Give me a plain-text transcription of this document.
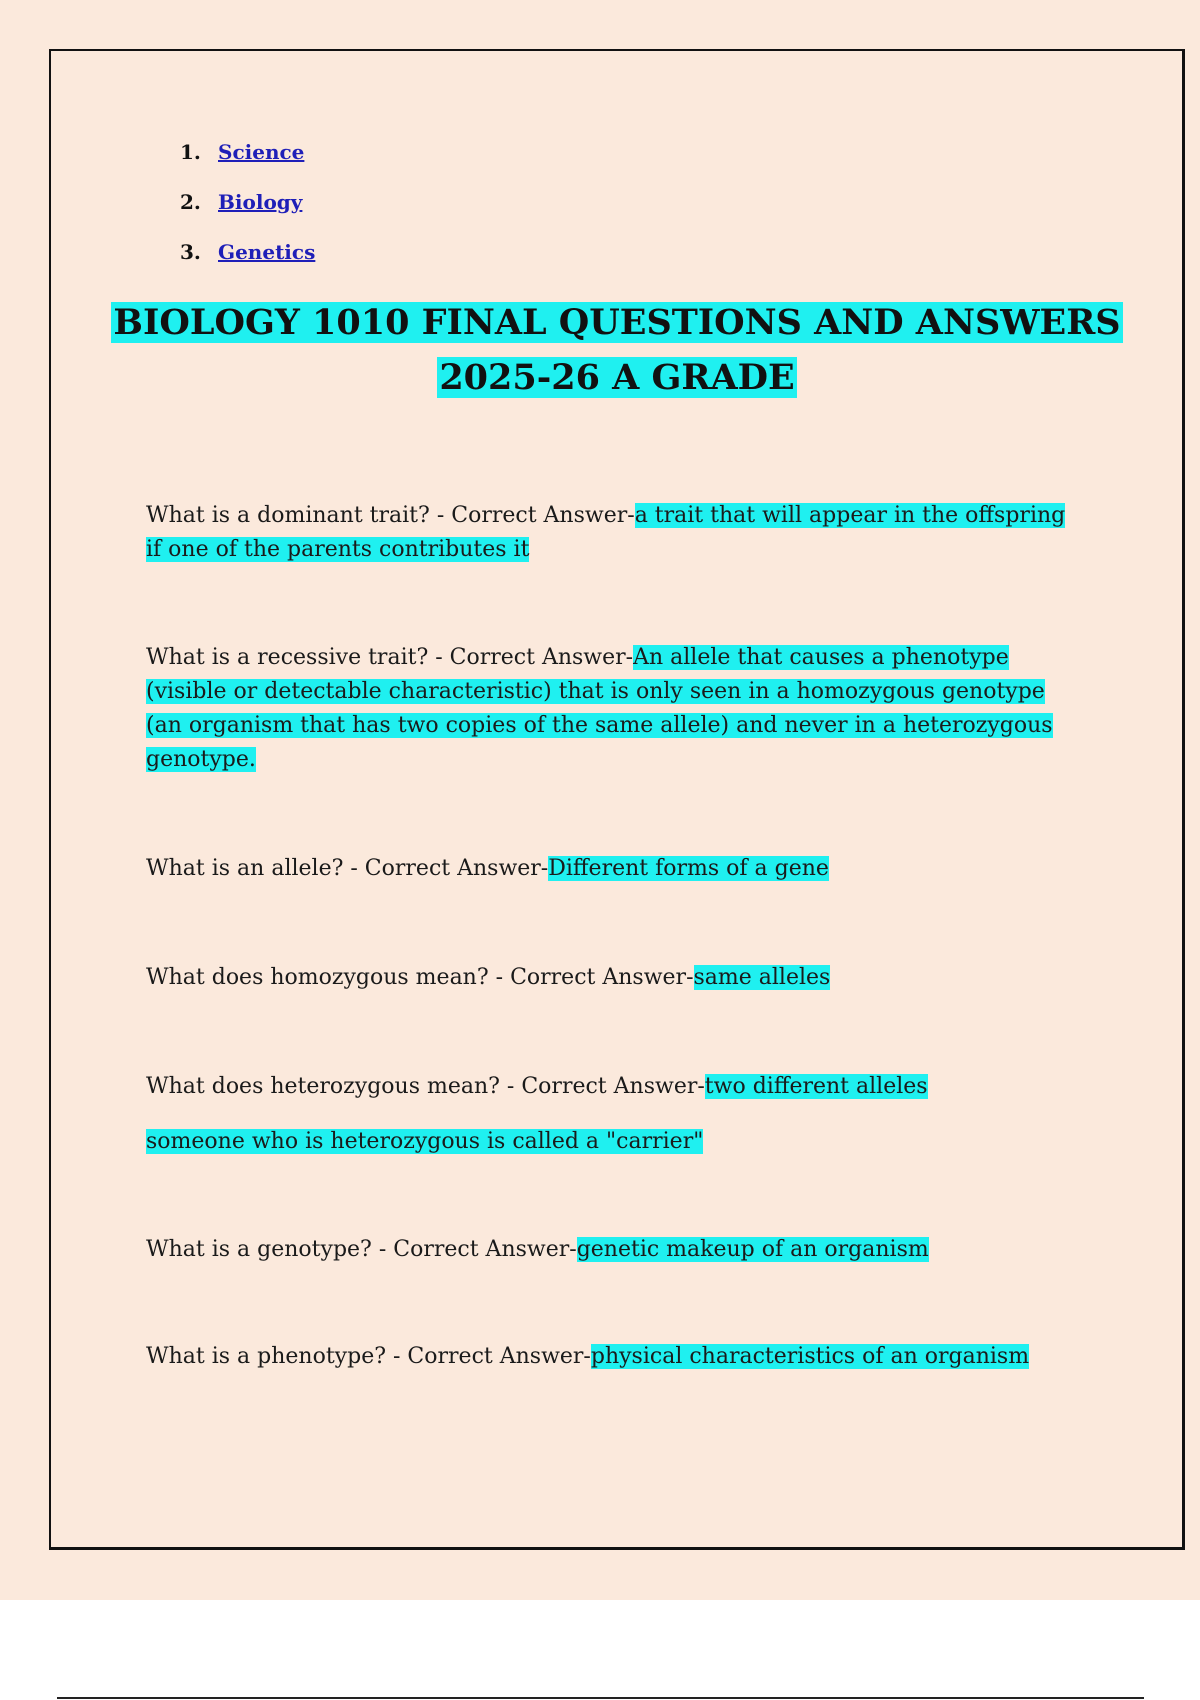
1. Science
2. Biology
3. Genetics
BIOLOGY 1010 FINAL QUESTIONS AND ANSWERS
2025-26 A GRADE

What is a dominant trait? - Correct Answer-a trait that will appear in the offspring if one of the parents contributes it

What is a recessive trait? - Correct Answer-An allele that causes a phenotype (visible or detectable characteristic) that is only seen in a homozygous genotype (an organism that has two copies of the same allele) and never in a heterozygous genotype.

What is an allele? - Correct Answer-Different forms of a gene

What does homozygous mean? - Correct Answer-same alleles

What does heterozygous mean? - Correct Answer-two different alleles

someone who is heterozygous is called a "carrier"

What is a genotype? - Correct Answer-genetic makeup of an organism

What is a phenotype? - Correct Answer-physical characteristics of an organism
